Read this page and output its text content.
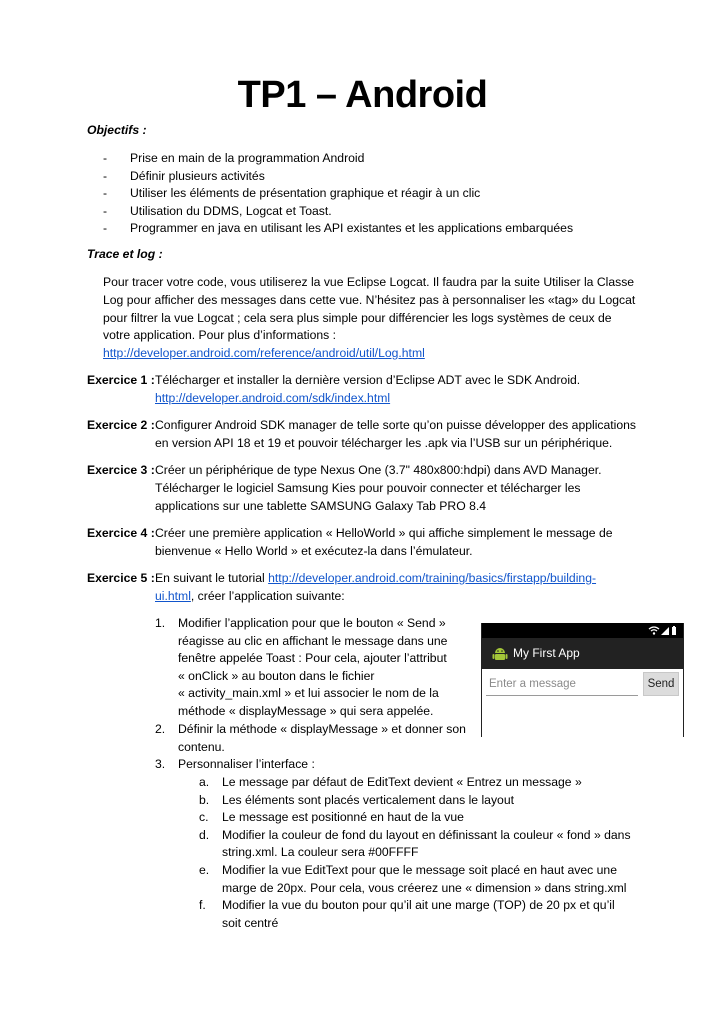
TP1 – Android

Objectifs :

- Prise en main de la programmation Android
- Définir plusieurs activités
- Utiliser les éléments de présentation graphique et réagir à un clic
- Utilisation du DDMS, Logcat et Toast.
- Programmer en java en utilisant les API existantes et les applications embarquées

Trace et log :

Pour tracer votre code, vous utiliserez la vue Eclipse Logcat. Il faudra par la suite Utiliser la Classe
Log pour afficher des messages dans cette vue. N’hésitez pas à personnaliser les «tag» du Logcat
pour filtrer la vue Logcat ; cela sera plus simple pour différencier les logs systèmes de ceux de
votre application. Pour plus d’informations :
http://developer.android.com/reference/android/util/Log.html
Exercice 1 : Télécharger et installer la dernière version d’Eclipse ADT avec le SDK Android.
http://developer.android.com/sdk/index.html
Exercice 2 : Configurer Android SDK manager de telle sorte qu’on puisse développer des applications
en version API 18 et 19 et pouvoir télécharger les .apk via l’USB sur un périphérique.
Exercice 3 : Créer un périphérique de type Nexus One (3.7" 480x800:hdpi) dans AVD Manager.
Télécharger le logiciel Samsung Kies pour pouvoir connecter et télécharger les
applications sur une tablette SAMSUNG Galaxy Tab PRO 8.4
Exercice 4 : Créer une première application « HelloWorld » qui affiche simplement le message de
bienvenue « Hello World » et exécutez-la dans l’émulateur.
Exercice 5 : En suivant le tutorial http://developer.android.com/training/basics/firstapp/building-
ui.html, créer l’application suivante:
1. Modifier l’application pour que le bouton « Send »
réagisse au clic en affichant le message dans une
fenêtre appelée Toast : Pour cela, ajouter l’attribut
« onClick » au bouton dans le fichier
« activity_main.xml » et lui associer le nom de la
méthode « displayMessage » qui sera appelée.
2. Définir la méthode « displayMessage » et donner son
contenu.
3. Personnaliser l’interface :
a. Le message par défaut de EditText devient « Entrez un message »
b. Les éléments sont placés verticalement dans le layout
c. Le message est positionné en haut de la vue
d. Modifier la couleur de fond du layout en définissant la couleur « fond » dans
string.xml. La couleur sera #00FFFF
e. Modifier la vue EditText pour que le message soit placé en haut avec une
marge de 20px. Pour cela, vous créerez une « dimension » dans string.xml
f. Modifier la vue du bouton pour qu’il ait une marge (TOP) de 20 px et qu’il
soit centré
My First App
Enter a message
Send
